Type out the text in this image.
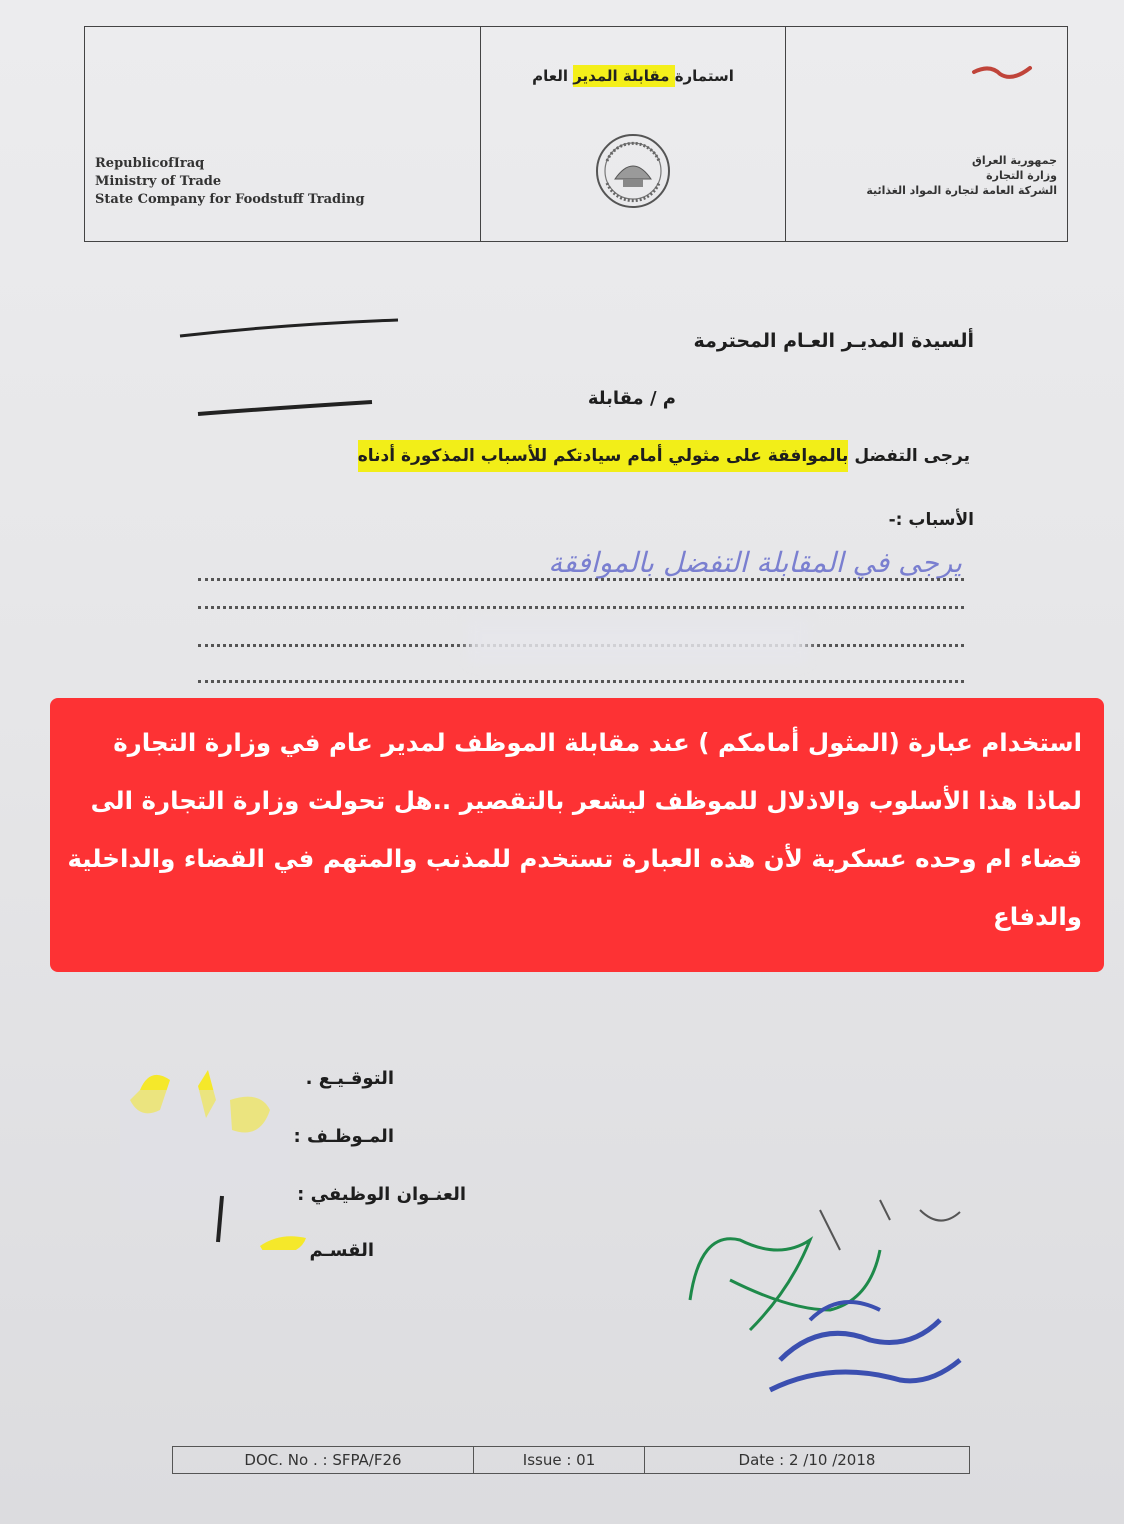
RepublicofIraq
Ministry of Trade
State Company for Foodstuff Trading
استمارة مقابلة المدير العام
جمهورية العراق
وزارة التجارة
الشركة العامة لتجارة المواد الغذائية
ألسيدة المديـر العـام المحترمة
م / مقابلة
يرجى التفضل بالموافقة على مثولي أمام سيادتكم للأسباب المذكورة أدناه
الأسباب :-
يرجى في المقابلة التفضل بالموافقة
استخدام عبارة (المثول أمامكم ) عند مقابلة الموظف لمدير عام في وزارة التجارة لماذا هذا الأسلوب والاذلال للموظف ليشعر بالتقصير ..هل تحولت وزارة التجارة الى قضاء ام وحده عسكرية لأن هذه العبارة تستخدم للمذنب والمتهم في القضاء والداخلية والدفاع
التوقـيـع .
المـوظـف :
العنـوان الوظيفي :
القسـم
DOC. No . : SFPA/F26	Issue : 01	Date : 2 /10 /2018
